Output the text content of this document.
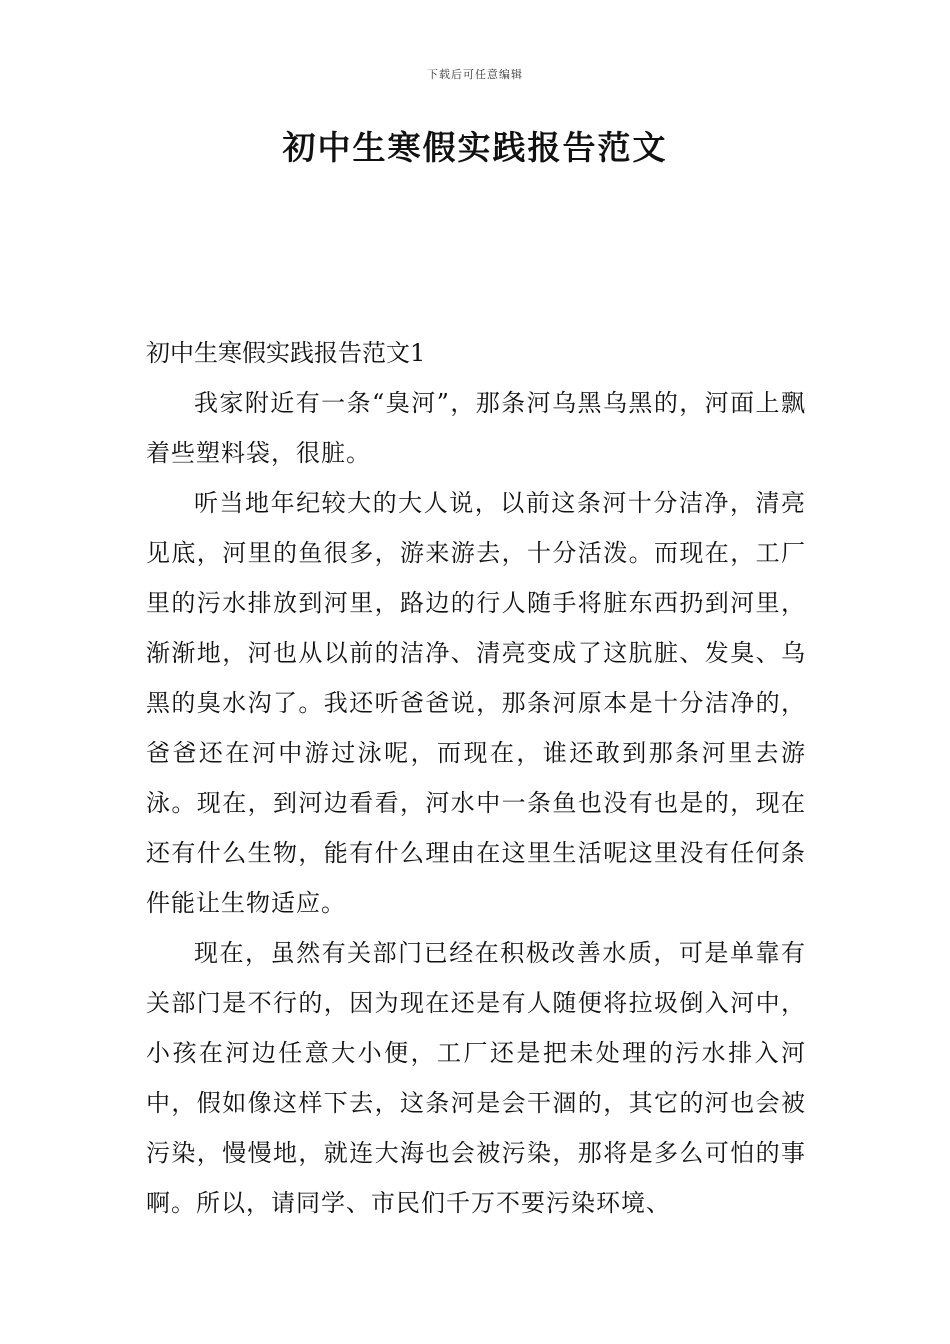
下载后可任意编辑
初中生寒假实践报告范文
初中生寒假实践报告范文1

我家附近有一条“臭河”，那条河乌黑乌黑的，河面上飘着些塑料袋，很脏。

听当地年纪较大的大人说，以前这条河十分洁净，清亮见底，河里的鱼很多，游来游去，十分活泼。而现在，工厂里的污水排放到河里，路边的行人随手将脏东西扔到河里，渐渐地，河也从以前的洁净、清亮变成了这肮脏、发臭、乌黑的臭水沟了。我还听爸爸说，那条河原本是十分洁净的，爸爸还在河中游过泳呢，而现在，谁还敢到那条河里去游泳。现在，到河边看看，河水中一条鱼也没有也是的，现在还有什么生物，能有什么理由在这里生活呢这里没有任何条件能让生物适应。

现在，虽然有关部门已经在积极改善水质，可是单靠有关部门是不行的，因为现在还是有人随便将拉圾倒入河中，小孩在河边任意大小便，工厂还是把未处理的污水排入河中，假如像这样下去，这条河是会干涸的，其它的河也会被污染，慢慢地，就连大海也会被污染，那将是多么可怕的事啊。所以，请同学、市民们千万不要污染环境、
